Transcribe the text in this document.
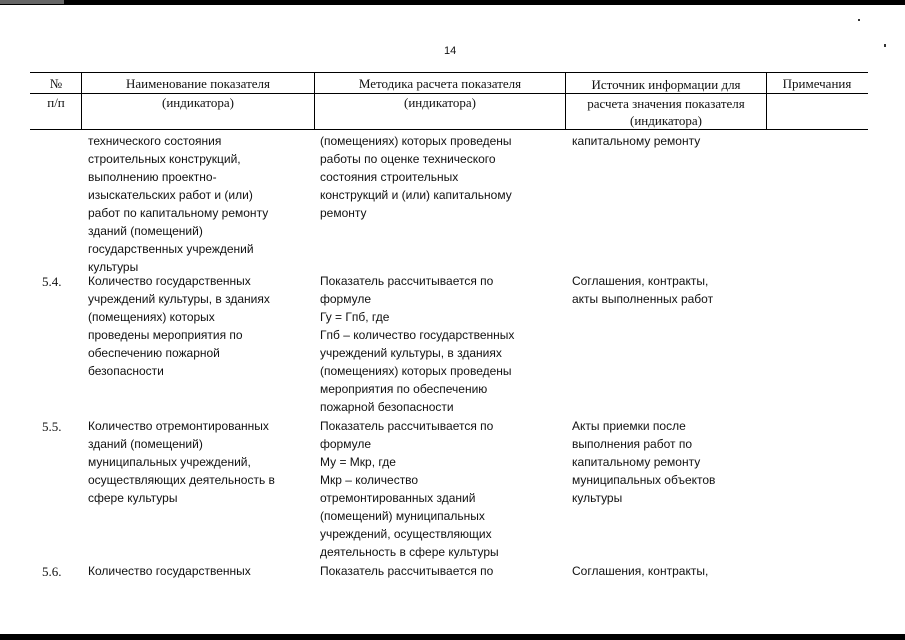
14
№
п/п
Наименование показателя
(индикатора)
Методика расчета показателя
(индикатора)
Источник информации для
расчета значения показателя
(индикатора)
Примечания
технического состояния
строительных конструкций,
выполнению проектно-
изыскательских работ и (или)
работ по капитальному ремонту
зданий (помещений)
государственных учреждений
культуры
(помещениях) которых проведены
работы по оценке технического
состояния строительных
конструкций и (или) капитальному
ремонту
капитальному ремонту
5.4. Количество государственных
учреждений культуры, в зданиях
(помещениях) которых
проведены мероприятия по
обеспечению пожарной
безопасности
Показатель рассчитывается по
формуле
Гу = Гпб, где
Гпб – количество государственных
учреждений культуры, в зданиях
(помещениях) которых проведены
мероприятия по обеспечению
пожарной безопасности
Соглашения, контракты,
акты выполненных работ
5.5. Количество отремонтированных
зданий (помещений)
муниципальных учреждений,
осуществляющих деятельность в
сфере культуры
Показатель рассчитывается по
формуле
Му = Мкр, где
Мкр – количество
отремонтированных зданий
(помещений) муниципальных
учреждений, осуществляющих
деятельность в сфере культуры
Акты приемки после
выполнения работ по
капитальному ремонту
муниципальных объектов
культуры
5.6. Количество государственных	Показатель рассчитывается по	Соглашения, контракты,
